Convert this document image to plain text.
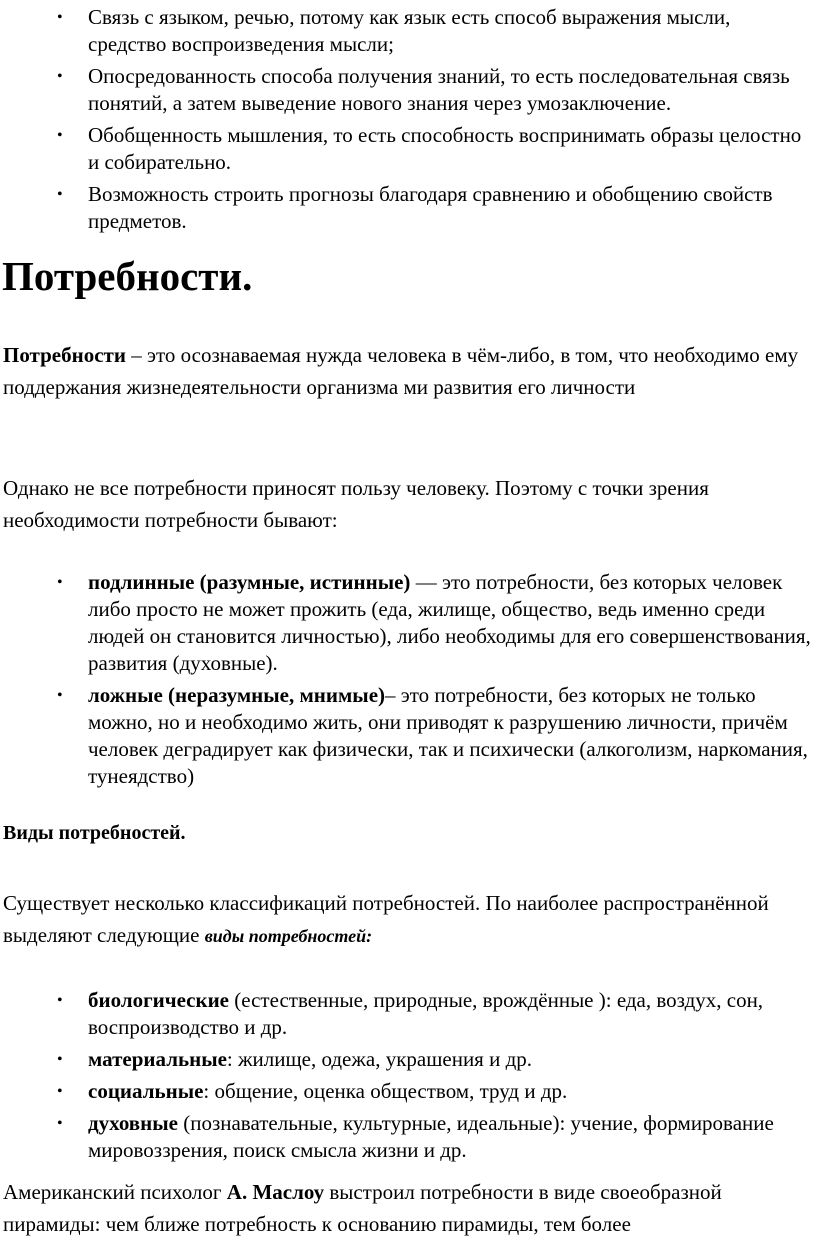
• Связь с языком, речью, потому как язык есть способ выражения мысли, средство воспроизведения мысли;
• Опосредованность способа получения знаний, то есть последовательная связь понятий, а затем выведение нового знания через умозаключение.
• Обобщенность мышления, то есть способность воспринимать образы целостно и собирательно.
• Возможность строить прогнозы благодаря сравнению и обобщению свойств предметов.
Потребности.

Потребности – это осознаваемая нужда человека в чём-либо, в том, что необходимо ему поддержания жизнедеятельности организма ми развития его личности

Однако не все потребности приносят пользу человеку. Поэтому с точки зрения необходимости потребности бывают:

• подлинные (разумные, истинные) — это потребности, без которых человек либо просто не может прожить (еда, жилище, общество, ведь именно среди людей он становится личностью), либо необходимы для его совершенствования, развития (духовные).
• ложные (неразумные, мнимые)– это потребности, без которых не только можно, но и необходимо жить, они приводят к разрушению личности, причём человек деградирует как физически, так и психически (алкоголизм, наркомания, тунеядство)
Виды потребностей.

Существует несколько классификаций потребностей. По наиболее распространённой выделяют следующие виды потребностей:

• биологические (естественные, природные, врождённые ): еда, воздух, сон, воспроизводство и др.
• материальные: жилище, одежа, украшения и др.
• социальные: общение, оценка обществом, труд и др.
• духовные (познавательные, культурные, идеальные): учение, формирование мировоззрения, поиск смысла жизни и др.

Американский психолог А. Маслоу выстроил потребности в виде своеобразной пирамиды: чем ближе потребность к основанию пирамиды, тем более
